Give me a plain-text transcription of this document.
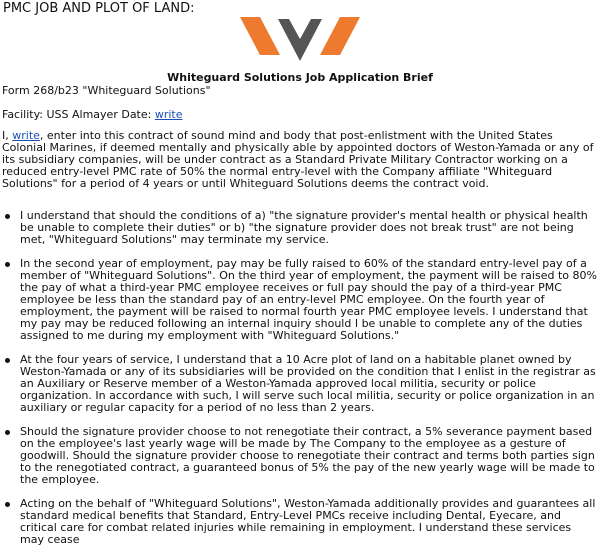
PMC JOB AND PLOT OF LAND:
Whiteguard Solutions Job Application Brief
Form 268/b23 "Whiteguard Solutions"
Facility: USS Almayer Date: write

I, write, enter into this contract of sound mind and body that post-enlistment with the United States Colonial Marines, if deemed mentally and physically able by appointed doctors of Weston-Yamada or any of its subsidiary companies, will be under contract as a Standard Private Military Contractor working on a reduced entry-level PMC rate of 50% the normal entry-level with the Company affiliate "Whiteguard Solutions" for a period of 4 years or until Whiteguard Solutions deems the contract void.

I understand that should the conditions of a) "the signature provider's mental health or physical health be unable to complete their duties" or b) "the signature provider does not break trust" are not being met, "Whiteguard Solutions" may terminate my service.
In the second year of employment, pay may be fully raised to 60% of the standard entry-level pay of a member of "Whiteguard Solutions". On the third year of employment, the payment will be raised to 80% the pay of what a third-year PMC employee receives or full pay should the pay of a third-year PMC employee be less than the standard pay of an entry-level PMC employee. On the fourth year of employment, the payment will be raised to normal fourth year PMC employee levels. I understand that my pay may be reduced following an internal inquiry should I be unable to complete any of the duties assigned to me during my employment with "Whiteguard Solutions."
At the four years of service, I understand that a 10 Acre plot of land on a habitable planet owned by Weston-Yamada or any of its subsidiaries will be provided on the condition that I enlist in the registrar as an Auxiliary or Reserve member of a Weston-Yamada approved local militia, security or police organization. In accordance with such, I will serve such local militia, security or police organization in an auxiliary or regular capacity for a period of no less than 2 years.
Should the signature provider choose to not renegotiate their contract, a 5% severance payment based on the employee's last yearly wage will be made by The Company to the employee as a gesture of goodwill. Should the signature provider choose to renegotiate their contract and terms both parties sign to the renegotiated contract, a guaranteed bonus of 5% the pay of the new yearly wage will be made to the employee.
Acting on the behalf of "Whiteguard Solutions", Weston-Yamada additionally provides and guarantees all standard medical benefits that Standard, Entry-Level PMCs receive including Dental, Eyecare, and critical care for combat related injuries while remaining in employment. I understand these services may cease
